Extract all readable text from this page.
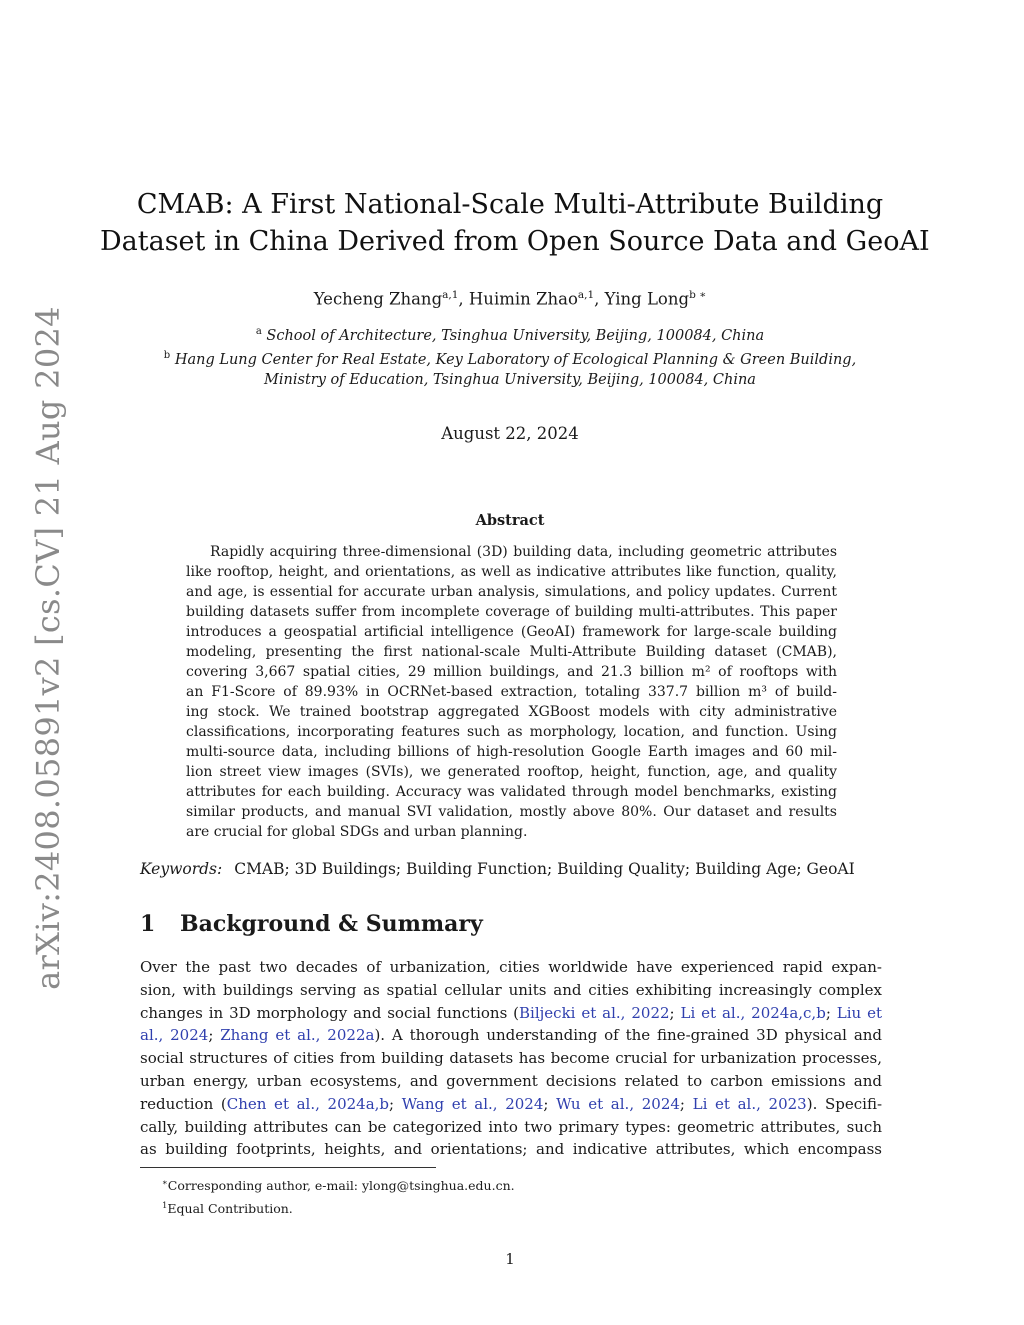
arXiv:2408.05891v2 [cs.CV] 21 Aug 2024
CMAB: A First National-Scale Multi-Attribute Building
Dataset in China Derived from Open Source Data and GeoAI
Yecheng Zhang$^{a,1}$, Huimin Zhao$^{a,1}$, Ying Long$^{b ∗}$
$^a$ School of Architecture, Tsinghua University, Beijing, 100084, China
$^b$ Hang Lung Center for Real Estate, Key Laboratory of Ecological Planning & Green Building,
Ministry of Education, Tsinghua University, Beijing, 100084, China
August 22, 2024
Abstract
Rapidly acquiring three-dimensional (3D) building data, including geometric attributes
like rooftop, height, and orientations, as well as indicative attributes like function, quality,
and age, is essential for accurate urban analysis, simulations, and policy updates. Current
building datasets suffer from incomplete coverage of building multi-attributes. This paper
introduces a geospatial artificial intelligence (GeoAI) framework for large-scale building
modeling, presenting the first national-scale Multi-Attribute Building dataset (CMAB),
covering 3,667 spatial cities, 29 million buildings, and 21.3 billion m² of rooftops with
an F1-Score of 89.93% in OCRNet-based extraction, totaling 337.7 billion m³ of build-
ing stock. We trained bootstrap aggregated XGBoost models with city administrative
classifications, incorporating features such as morphology, location, and function. Using
multi-source data, including billions of high-resolution Google Earth images and 60 mil-
lion street view images (SVIs), we generated rooftop, height, function, age, and quality
attributes for each building. Accuracy was validated through model benchmarks, existing
similar products, and manual SVI validation, mostly above 80%. Our dataset and results
are crucial for global SDGs and urban planning.
Keywords: CMAB; 3D Buildings; Building Function; Building Quality; Building Age; GeoAI
1 Background & Summary
Over the past two decades of urbanization, cities worldwide have experienced rapid expan-
sion, with buildings serving as spatial cellular units and cities exhibiting increasingly complex
changes in 3D morphology and social functions (Biljecki et al., 2022; Li et al., 2024a,c,b; Liu et
al., 2024; Zhang et al., 2022a). A thorough understanding of the fine-grained 3D physical and
social structures of cities from building datasets has become crucial for urbanization processes,
urban energy, urban ecosystems, and government decisions related to carbon emissions and
reduction (Chen et al., 2024a,b; Wang et al., 2024; Wu et al., 2024; Li et al., 2023). Specifi-
cally, building attributes can be categorized into two primary types: geometric attributes, such
as building footprints, heights, and orientations; and indicative attributes, which encompass
∗Corresponding author, e-mail: ylong@tsinghua.edu.cn.
$^1$Equal Contribution.
1
